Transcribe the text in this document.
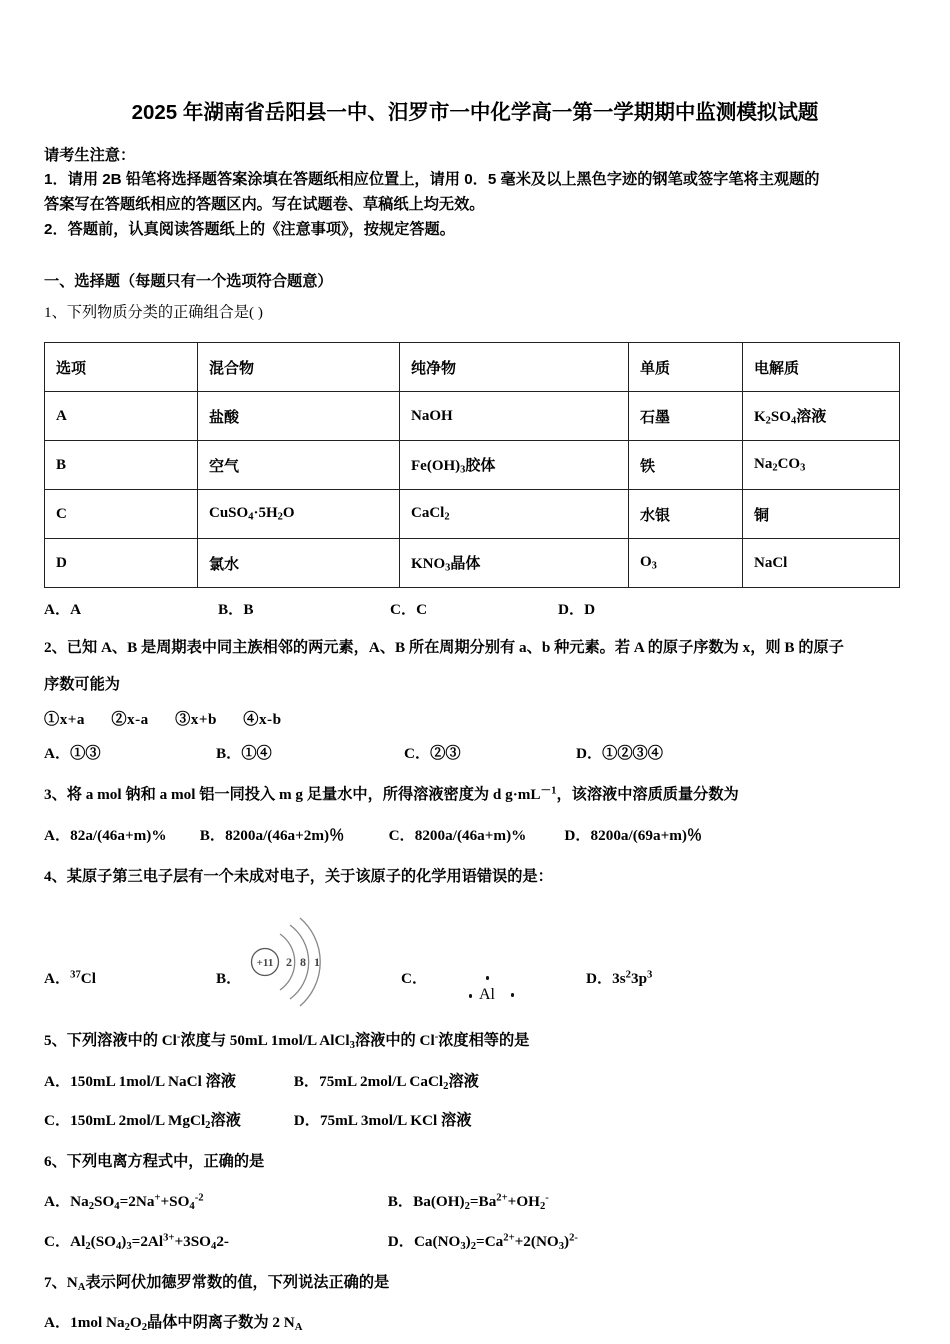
2025 年湖南省岳阳县一中、汨罗市一中化学高一第一学期期中监测模拟试题

请考生注意：

1．请用 2B 铅笔将选择题答案涂填在答题纸相应位置上，请用 0．5 毫米及以上黑色字迹的钢笔或签字笔将主观题的

答案写在答题纸相应的答题区内。写在试题卷、草稿纸上均无效。

2．答题前，认真阅读答题纸上的《注意事项》，按规定答题。

一、选择题（每题只有一个选项符合题意）
1、下列物质分类的正确组合是( )
选项	混合物	纯净物	单质	电解质
A	盐酸	NaOH	石墨	$K_2SO_4$溶液
B	空气	$Fe(OH)_3$胶体	铁	$Na_2CO_3$
C	$CuSO_4\cdot 5H_2O$	CaCl$_2$	水银	铜
D	氯水	$KNO_3$晶体	$O_3$	NaCl
A．A	B．B	C．C	D．D
2、已知 A、B 是周期表中同主族相邻的两元素，A、B 所在周期分别有 a、b 种元素。若 A 的原子序数为 x，则 B 的原子
序数可能为
①x+a ②x-a ③x+b ④x-b
A．①③	B．①④	C．②③	D．①②③④
3、将 a mol 钠和 a mol 铝一同投入 m g 足量水中，所得溶液密度为 d $g\cdot mL^{-1}$，该溶液中溶质质量分数为
A．82a/(46a+m)% B．8200a/(46a+2m)％	C．8200a/(46a+m)%	D．8200a/(69a+m)％
4、某原子第三电子层有一个未成对电子，关于该原子的化学用语错误的是：
A．$^{37}$Cl	B．
+11 2 8 1
C．
Al
D．$3s^23p^3$
5、下列溶液中的 Cl-浓度与 50mL 1mol/L AlCl$_3$溶液中的 Cl-浓度相等的是
A．150mL 1mol/L NaCl 溶液	B．75mL 2mol/L CaCl$_2$溶液
C．150mL 2mol/L MgCl$_2$溶液	D．75mL 3mol/L KCl 溶液
6、下列电离方程式中，正确的是
A．$Na_2SO_4=2Na^++SO_4^{-2}$	B．$Ba(OH)_2=Ba^{2+}+OH_2^-$
C．$Al_2(SO_4)_3=2Al^{3+}+3SO_42-$	D．$Ca(NO_3)_2=Ca^{2+}+2(NO_3)^{2-}$
7、$N_A$表示阿伏加德罗常数的值，下列说法正确的是
A．1mol $Na_2O_2$晶体中阴离子数为 2 $N_A$
